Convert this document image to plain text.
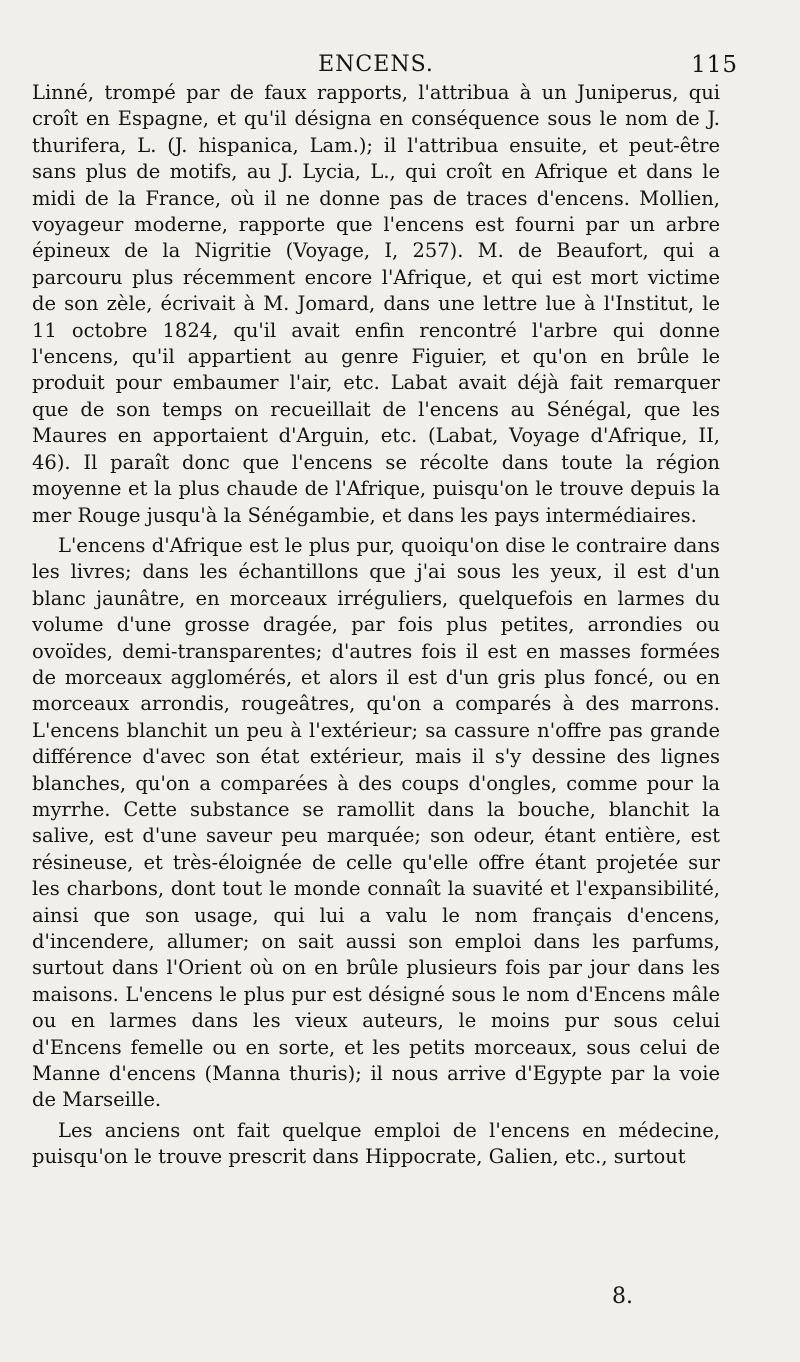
ENCENS.	115

Linné, trompé par de faux rapports, l'attribua à un Juniperus, qui croît en Espagne, et qu'il désigna en conséquence sous le nom de J. thurifera, L. (J. hispanica, Lam.); il l'attribua ensuite, et peut-être sans plus de motifs, au J. Lycia, L., qui croît en Afrique et dans le midi de la France, où il ne donne pas de traces d'encens. Mollien, voyageur moderne, rapporte que l'encens est fourni par un arbre épineux de la Nigritie (Voyage, I, 257). M. de Beaufort, qui a parcouru plus récemment encore l'Afrique, et qui est mort victime de son zèle, écrivait à M. Jomard, dans une lettre lue à l'Institut, le 11 octobre 1824, qu'il avait enfin rencontré l'arbre qui donne l'encens, qu'il appartient au genre Figuier, et qu'on en brûle le produit pour embaumer l'air, etc. Labat avait déjà fait remarquer que de son temps on recueillait de l'encens au Sénégal, que les Maures en apportaient d'Arguin, etc. (Labat, Voyage d'Afrique, II, 46). Il paraît donc que l'encens se récolte dans toute la région moyenne et la plus chaude de l'Afrique, puisqu'on le trouve depuis la mer Rouge jusqu'à la Sénégambie, et dans les pays intermédiaires.

L'encens d'Afrique est le plus pur, quoiqu'on dise le contraire dans les livres; dans les échantillons que j'ai sous les yeux, il est d'un blanc jaunâtre, en morceaux irréguliers, quelquefois en larmes du volume d'une grosse dragée, par fois plus petites, arrondies ou ovoïdes, demi-transparentes; d'autres fois il est en masses formées de morceaux agglomérés, et alors il est d'un gris plus foncé, ou en morceaux arrondis, rougeâtres, qu'on a comparés à des marrons. L'encens blanchit un peu à l'extérieur; sa cassure n'offre pas grande différence d'avec son état extérieur, mais il s'y dessine des lignes blanches, qu'on a comparées à des coups d'ongles, comme pour la myrrhe. Cette substance se ramollit dans la bouche, blanchit la salive, est d'une saveur peu marquée; son odeur, étant entière, est résineuse, et très-éloignée de celle qu'elle offre étant projetée sur les charbons, dont tout le monde connaît la suavité et l'expansibilité, ainsi que son usage, qui lui a valu le nom français d'encens, d'incendere, allumer; on sait aussi son emploi dans les parfums, surtout dans l'Orient où on en brûle plusieurs fois par jour dans les maisons. L'encens le plus pur est désigné sous le nom d'Encens mâle ou en larmes dans les vieux auteurs, le moins pur sous celui d'Encens femelle ou en sorte, et les petits morceaux, sous celui de Manne d'encens (Manna thuris); il nous arrive d'Egypte par la voie de Marseille.

Les anciens ont fait quelque emploi de l'encens en médecine, puisqu'on le trouve prescrit dans Hippocrate, Galien, etc., surtout

8.
